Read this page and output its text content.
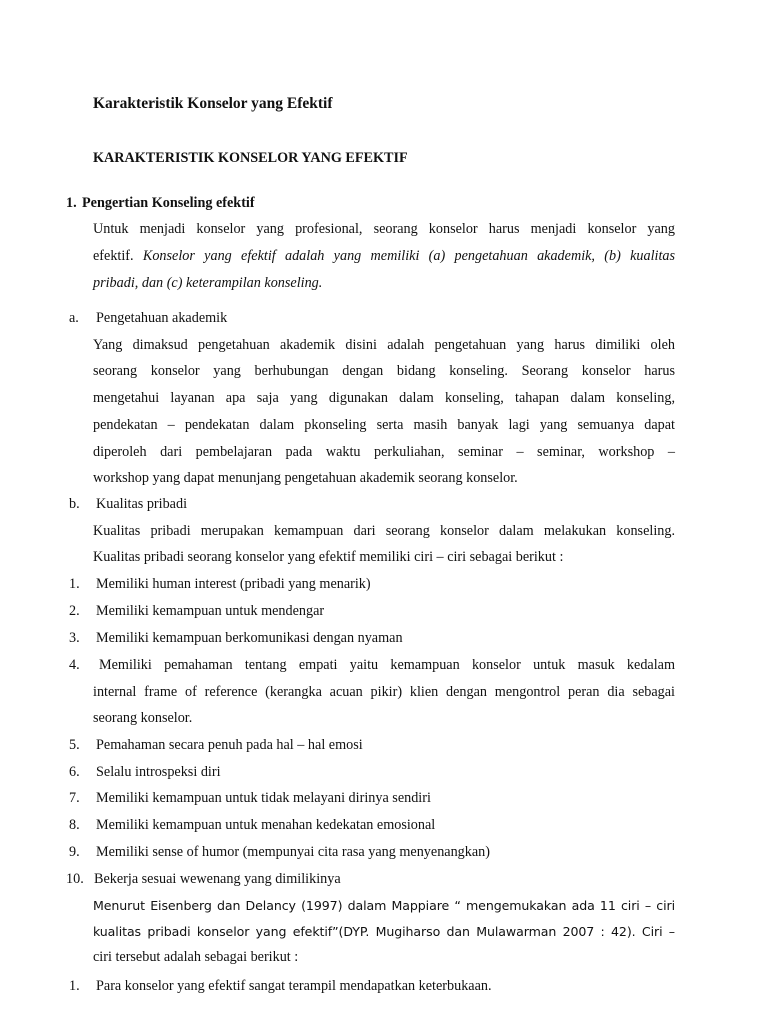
Karakteristik Konselor yang Efektif
KARAKTERISTIK KONSELOR YANG EFEKTIF
1. Pengertian Konseling efektif
Untuk menjadi konselor yang profesional, seorang konselor harus menjadi konselor yang
efektif. Konselor yang efektif adalah yang memiliki (a) pengetahuan akademik, (b) kualitas
pribadi, dan (c) keterampilan konseling.
a. Pengetahuan akademik
Yang dimaksud pengetahuan akademik disini adalah pengetahuan yang harus dimiliki oleh
seorang konselor yang berhubungan dengan bidang konseling. Seorang konselor harus
mengetahui layanan apa saja yang digunakan dalam konseling, tahapan dalam konseling,
pendekatan – pendekatan dalam pkonseling serta masih banyak lagi yang semuanya dapat
diperoleh dari pembelajaran pada waktu perkuliahan, seminar – seminar, workshop –
workshop yang dapat menunjang pengetahuan akademik seorang konselor.
b. Kualitas pribadi
Kualitas pribadi merupakan kemampuan dari seorang konselor dalam melakukan konseling.
Kualitas pribadi seorang konselor yang efektif memiliki ciri – ciri sebagai berikut :
1. Memiliki human interest (pribadi yang menarik)
2. Memiliki kemampuan untuk mendengar
3. Memiliki kemampuan berkomunikasi dengan nyaman
4. Memiliki pemahaman tentang empati yaitu kemampuan konselor untuk masuk kedalam
internal frame of reference (kerangka acuan pikir) klien dengan mengontrol peran dia sebagai
seorang konselor.
5. Pemahaman secara penuh pada hal – hal emosi
6. Selalu introspeksi diri
7. Memiliki kemampuan untuk tidak melayani dirinya sendiri
8. Memiliki kemampuan untuk menahan kedekatan emosional
9. Memiliki sense of humor (mempunyai cita rasa yang menyenangkan)
10. Bekerja sesuai wewenang yang dimilikinya
Menurut Eisenberg dan Delancy (1997) dalam Mappiare “ mengemukakan ada 11 ciri – ciri
kualitas pribadi konselor yang efektif”(DYP. Mugiharso dan Mulawarman 2007 : 42). Ciri –
ciri tersebut adalah sebagai berikut :
1. Para konselor yang efektif sangat terampil mendapatkan keterbukaan.
